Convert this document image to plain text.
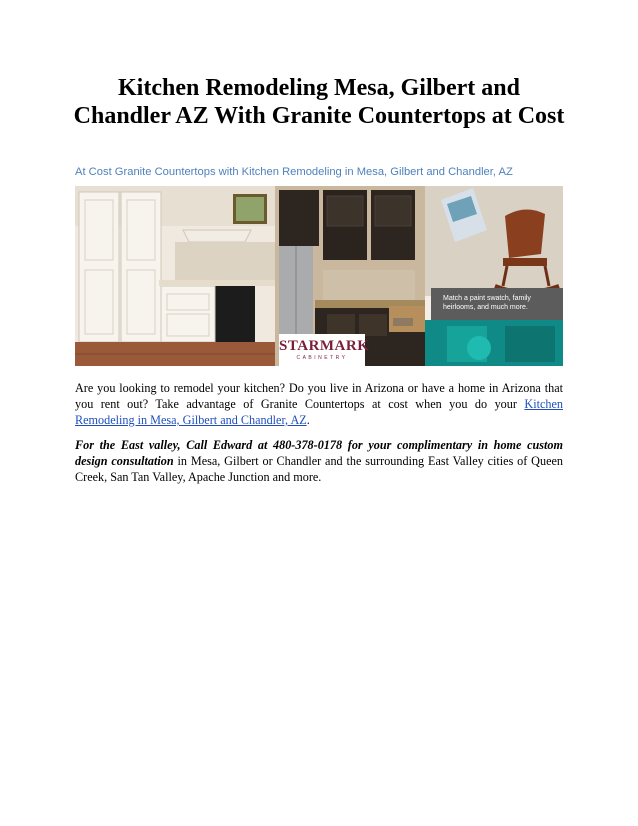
Kitchen Remodeling Mesa, Gilbert and Chandler AZ With Granite Countertops at Cost

At Cost Granite Countertops with Kitchen Remodeling in Mesa, Gilbert and Chandler, AZ

Match a paint swatch, family heirlooms, and much more.
STARMARK
CABINETRY

Are you looking to remodel your kitchen? Do you live in Arizona or have a home in Arizona that you rent out? Take advantage of Granite Countertops at cost when you do your Kitchen Remodeling in Mesa, Gilbert and Chandler, AZ.

For the East valley, Call Edward at 480-378-0178 for your complimentary in home custom design consultation in Mesa, Gilbert or Chandler and the surrounding East Valley cities of Queen Creek, San Tan Valley, Apache Junction and more.
